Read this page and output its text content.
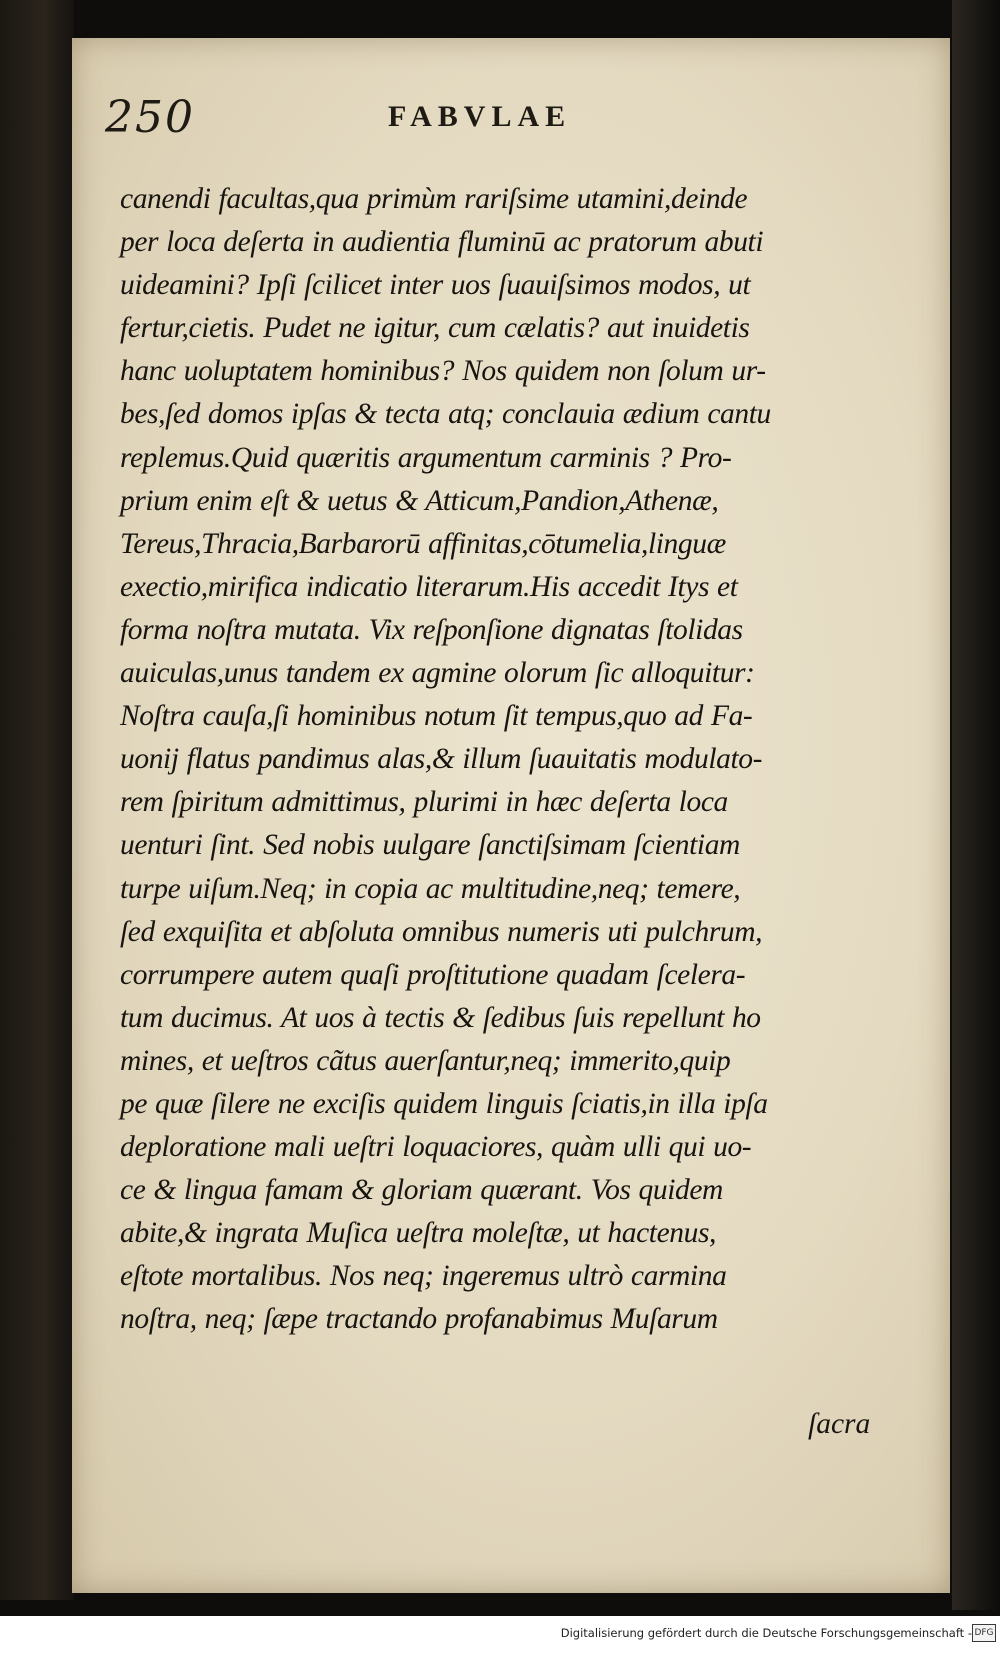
250	FABVLAE
canendi facultas,qua primùm rariſsime utamini,deinde
per loca deſerta in audientia fluminū ac pratorum abuti
uideamini? Ipſi ſcilicet inter uos ſuauiſsimos modos, ut
fertur,cietis. Pudet ne igitur, cum cælatis? aut inuidetis
hanc uoluptatem hominibus? Nos quidem non ſolum ur-
bes,ſed domos ipſas & tecta atq; conclauia ædium cantu
replemus.Quid quæritis argumentum carminis ? Pro-
prium enim eſt & uetus & Atticum,Pandion,Athenæ,
Tereus,Thracia,Barbarorū affinitas,cōtumelia,linguæ
exectio,mirifica indicatio literarum.His accedit Itys et
forma noſtra mutata. Vix reſponſione dignatas ſtolidas
auiculas,unus tandem ex agmine olorum ſic alloquitur:
Noſtra cauſa,ſi hominibus notum ſit tempus,quo ad Fa-
uonij flatus pandimus alas,& illum ſuauitatis modulato-
rem ſpiritum admittimus, plurimi in hæc deſerta loca
uenturi ſint. Sed nobis uulgare ſanctiſsimam ſcientiam
turpe uiſum.Neq; in copia ac multitudine,neq; temere,
ſed exquiſita et abſoluta omnibus numeris uti pulchrum,
corrumpere autem quaſi proſtitutione quadam ſcelera-
tum ducimus. At uos à tectis & ſedibus ſuis repellunt ho
mines, et ueſtros cãtus auerſantur,neq; immerito,quip
pe quæ ſilere ne exciſis quidem linguis ſciatis,in illa ipſa
deploratione mali ueſtri loquaciores, quàm ulli qui uo-
ce & lingua famam & gloriam quærant. Vos quidem
abite,& ingrata Muſica ueſtra moleſtæ, ut hactenus,
eſtote mortalibus. Nos neq; ingeremus ultrò carmina
noſtra, neq; ſæpe tractando profanabimus Muſarum
ſacra
Digitalisierung gefördert durch die Deutsche Forschungsgemeinschaft - DFG
